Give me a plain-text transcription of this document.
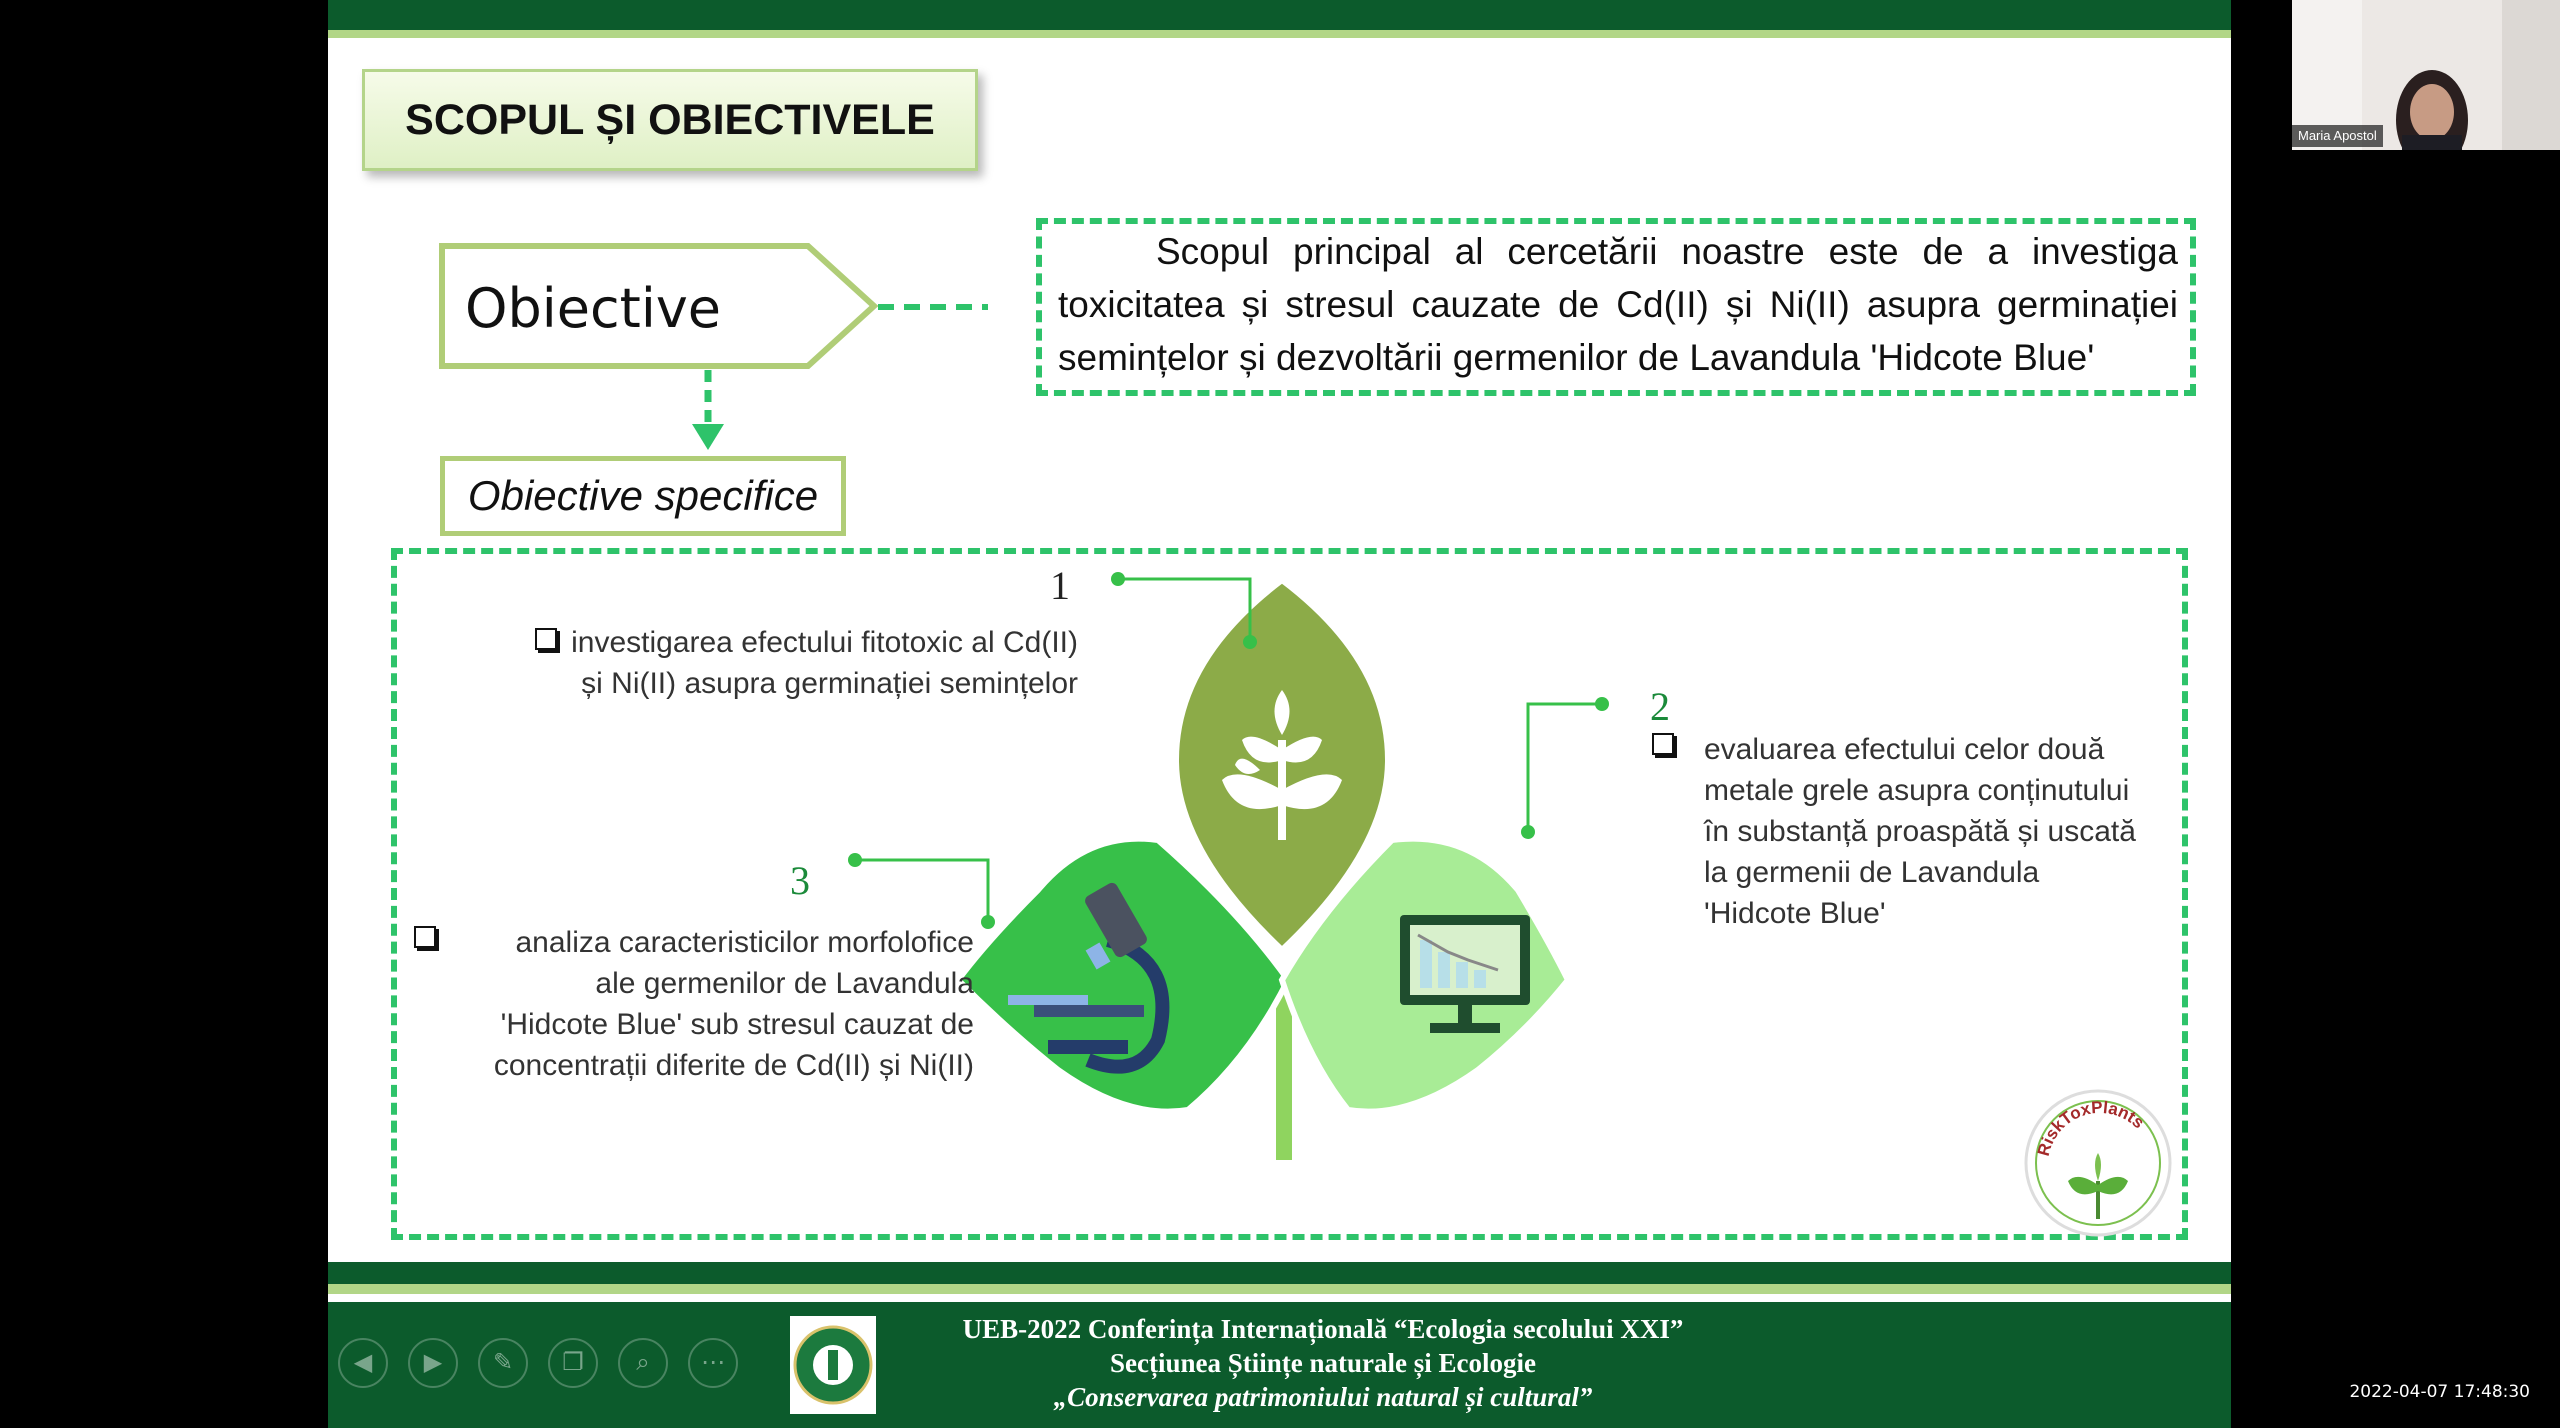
SCOPUL ȘI OBIECTIVELE
Obiective
Scopul principal al cercetării noastre este de a investiga toxicitatea și stresul cauzate de Cd(II) și Ni(II) asupra germinației semințelor și dezvoltării germenilor de Lavandula 'Hidcote Blue'
Obiective specifice
1
investigarea efectului fitotoxic al Cd(II)
și Ni(II) asupra germinației semințelor
2
evaluarea efectului celor două
metale grele asupra conținutului
în substanță proaspătă și uscată
la germenii de Lavandula
'Hidcote Blue'
3
analiza caracteristicilor morfolofice
ale germenilor de Lavandula
'Hidcote Blue' sub stresul cauzat de
concentrații diferite de Cd(II) și Ni(II)
RiskToxPlants
◀	▶	✎	❐	⌕	⋯
UEB-2022 Conferința Internațională “Ecologia secolului XXI”
Secțiunea Științe naturale și Ecologie
„Conservarea patrimoniului natural și cultural”
Maria Apostol
2022-04-07 17:48:30
